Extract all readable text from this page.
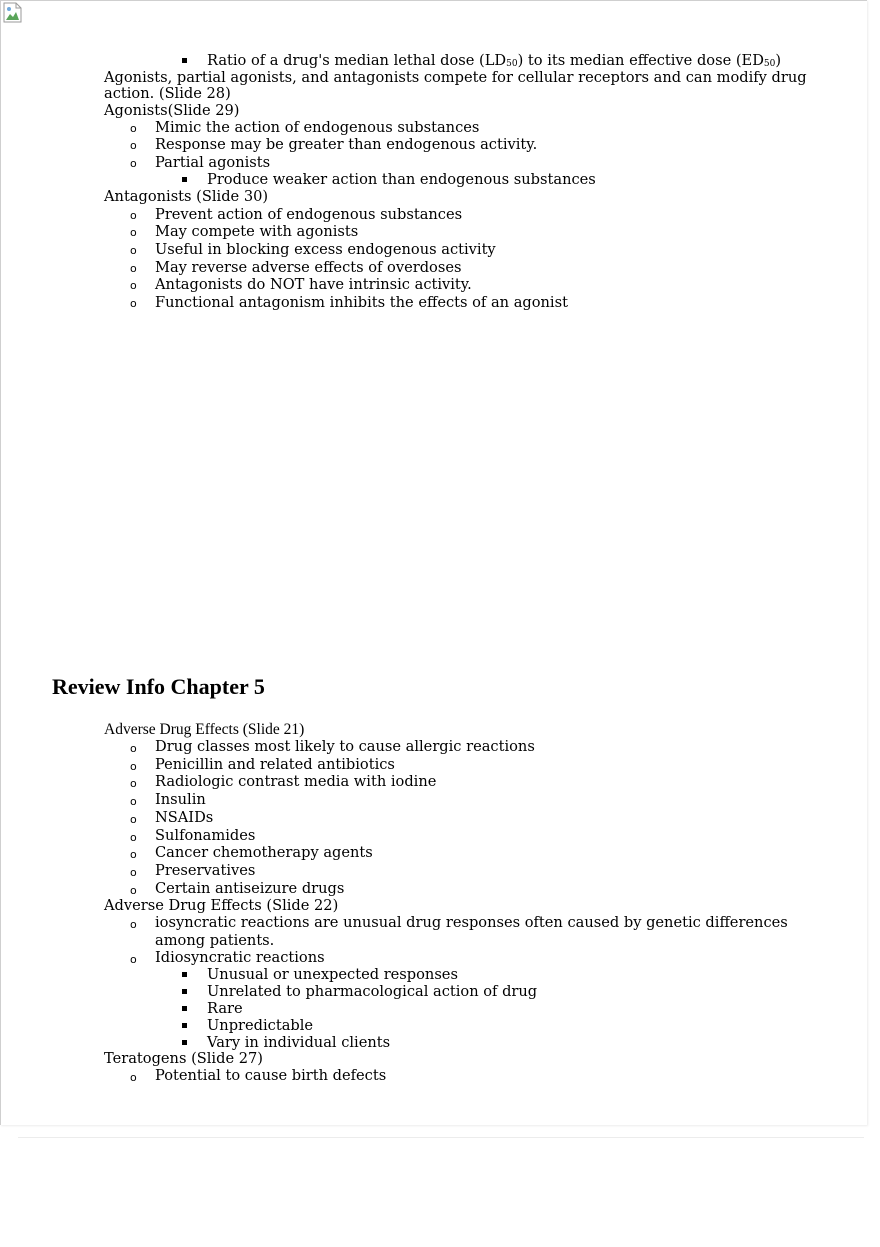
Ratio of a drug's median lethal dose $(LD_{50})$ to its median effective dose $(ED_{50})$
Agonists, partial agonists, and antagonists compete for cellular receptors and can modify drug
action. (Slide 28)
Agonists(Slide 29)
o Mimic the action of endogenous substances
o Response may be greater than endogenous activity.
o Partial agonists
Produce weaker action than endogenous substances
Antagonists (Slide 30)
o Prevent action of endogenous substances
o May compete with agonists
o Useful in blocking excess endogenous activity
o May reverse adverse effects of overdoses
o Antagonists do NOT have intrinsic activity.
o Functional antagonism inhibits the effects of an agonist
Review Info Chapter 5
Adverse Drug Effects (Slide 21)
o Drug classes most likely to cause allergic reactions
o Penicillin and related antibiotics
o Radiologic contrast media with iodine
o Insulin
o NSAIDs
o Sulfonamides
o Cancer chemotherapy agents
o Preservatives
o Certain antiseizure drugs
Adverse Drug Effects (Slide 22)
o iosyncratic reactions are unusual drug responses often caused by genetic differences
among patients.
o Idiosyncratic reactions
Unusual or unexpected responses
Unrelated to pharmacological action of drug
Rare
Unpredictable
Vary in individual clients
Teratogens (Slide 27)
o Potential to cause birth defects
